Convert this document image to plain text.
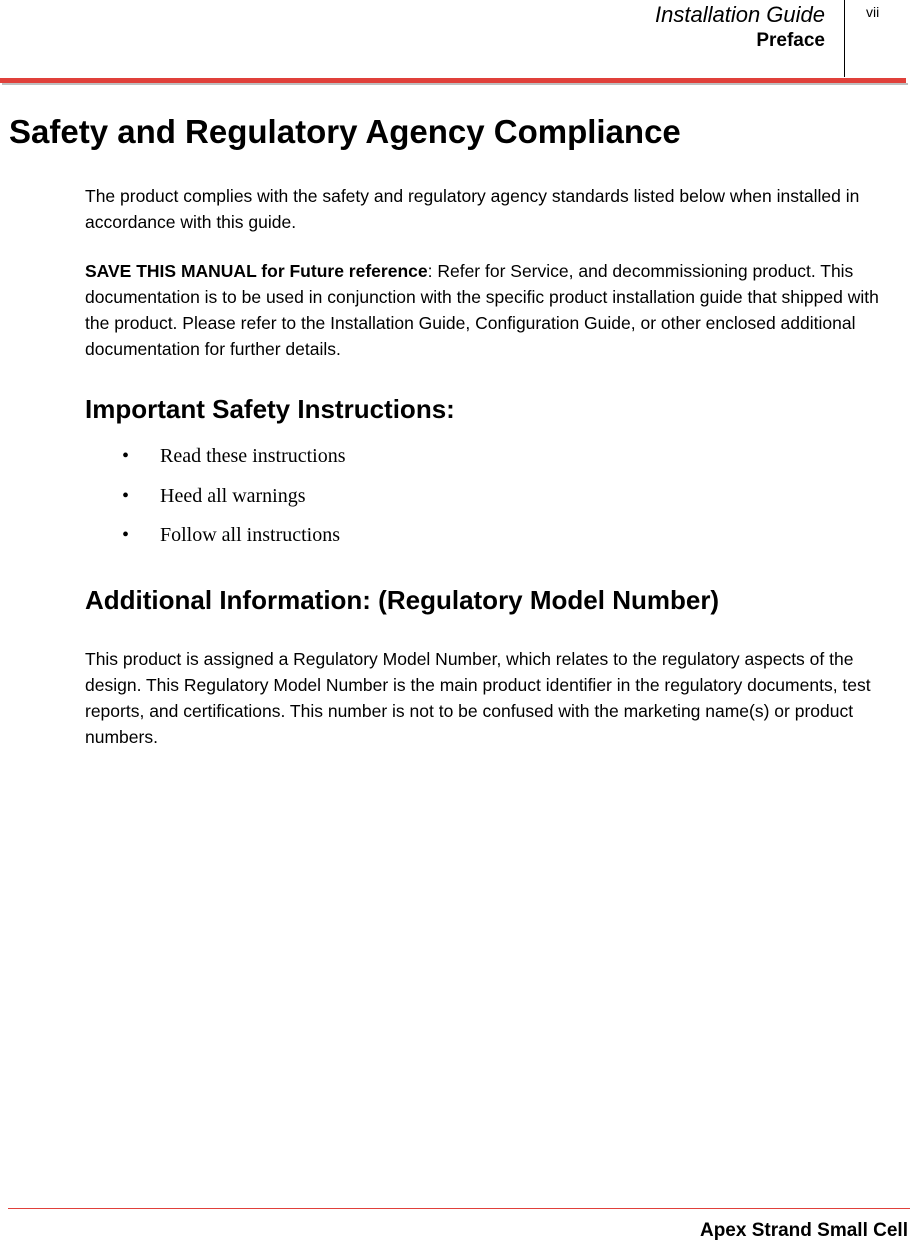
Installation Guide
Preface
vii
Safety and Regulatory Agency Compliance

The product complies with the safety and regulatory agency standards listed below when installed in accordance with this guide.

SAVE THIS MANUAL for Future reference: Refer for Service, and decommissioning product. This documentation is to be used in conjunction with the specific product installation guide that shipped with the product. Please refer to the Installation Guide, Configuration Guide, or other enclosed additional documentation for further details.

Important Safety Instructions:
• Read these instructions
• Heed all warnings
• Follow all instructions
Additional Information: (Regulatory Model Number)

This product is assigned a Regulatory Model Number, which relates to the regulatory aspects of the design. This Regulatory Model Number is the main product identifier in the regulatory documents, test reports, and certifications. This number is not to be confused with the marketing name(s) or product numbers.

Apex Strand Small Cell
